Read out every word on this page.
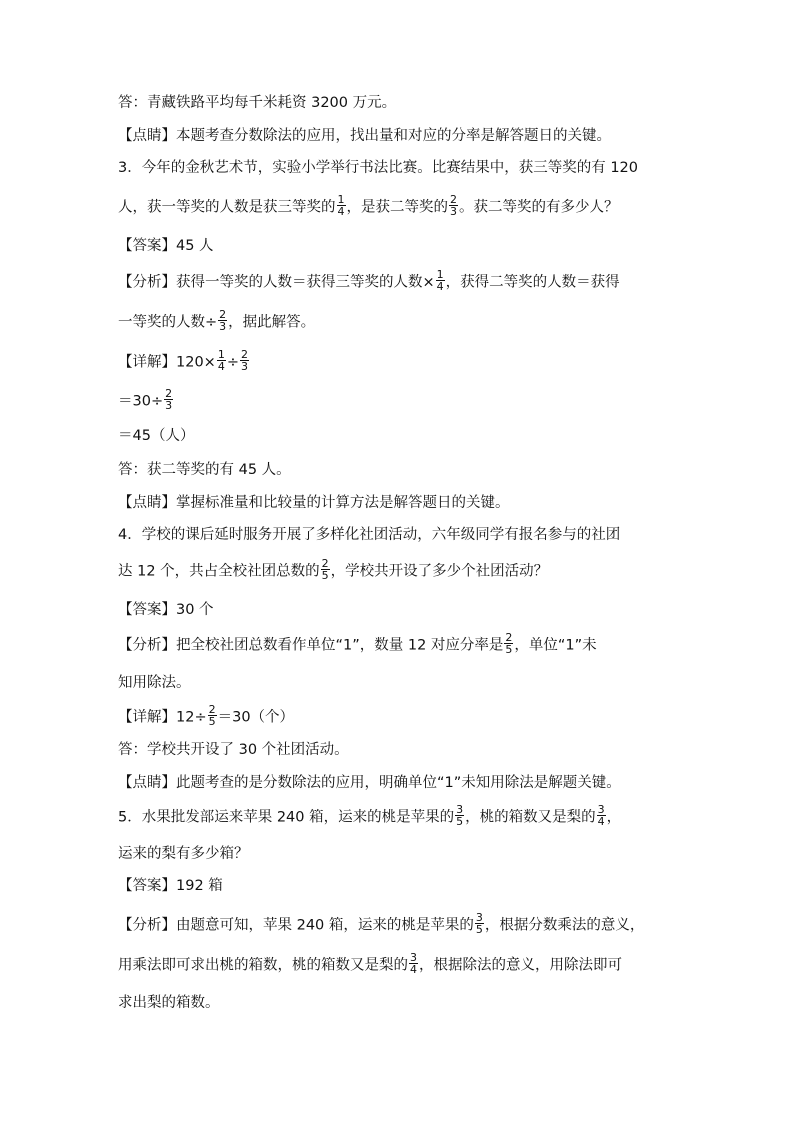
答：青藏铁路平均每千米耗资 3200 万元。
【点睛】本题考查分数除法的应用，找出量和对应的分率是解答题日的关键。
3．今年的金秋艺术节，实验小学举行书法比赛。比赛结果中，获三等奖的有 120
人，获一等奖的人数是获三等奖的 $\frac{1}{4}$ ，是获二等奖的 $\frac{2}{3}$ 。获二等奖的有多少人？
【答案】45 人
【分析】获得一等奖的人数＝获得三等奖的人数× $\frac{1}{4}$ ，获得二等奖的人数＝获得
一等奖的人数÷ $\frac{2}{3}$ ，据此解答。
【详解】$120\times \frac{1}{4} \div \frac{2}{3}$
$=30\div \frac{2}{3}$
＝45（人）
答：获二等奖的有 45 人。
【点睛】掌握标准量和比较量的计算方法是解答题日的关键。
4．学校的课后延时服务开展了多样化社团活动，六年级同学有报名参与的社团
达 12 个，共占全校社团总数的 $\frac{2}{5}$ ，学校共开设了多少个社团活动？
【答案】30 个
【分析】把全校社团总数看作单位“1”，数量 12 对应分率是 $\frac{2}{5}$ ，单位“1”未
知用除法。
【详解】$12\div \frac{2}{5} =30$（个）
答：学校共开设了 30 个社团活动。
【点睛】此题考查的是分数除法的应用，明确单位“1”未知用除法是解题关键。
5．水果批发部运来苹果 240 箱，运来的桃是苹果的 $\frac{3}{5}$ ，桃的箱数又是梨的 $\frac{3}{4}$ ，
运来的梨有多少箱？
【答案】192 箱
【分析】由题意可知，苹果 240 箱，运来的桃是苹果的 $\frac{3}{5}$ ，根据分数乘法的意义，
用乘法即可求出桃的箱数，桃的箱数又是梨的 $\frac{3}{4}$ ，根据除法的意义，用除法即可
求出梨的箱数。
